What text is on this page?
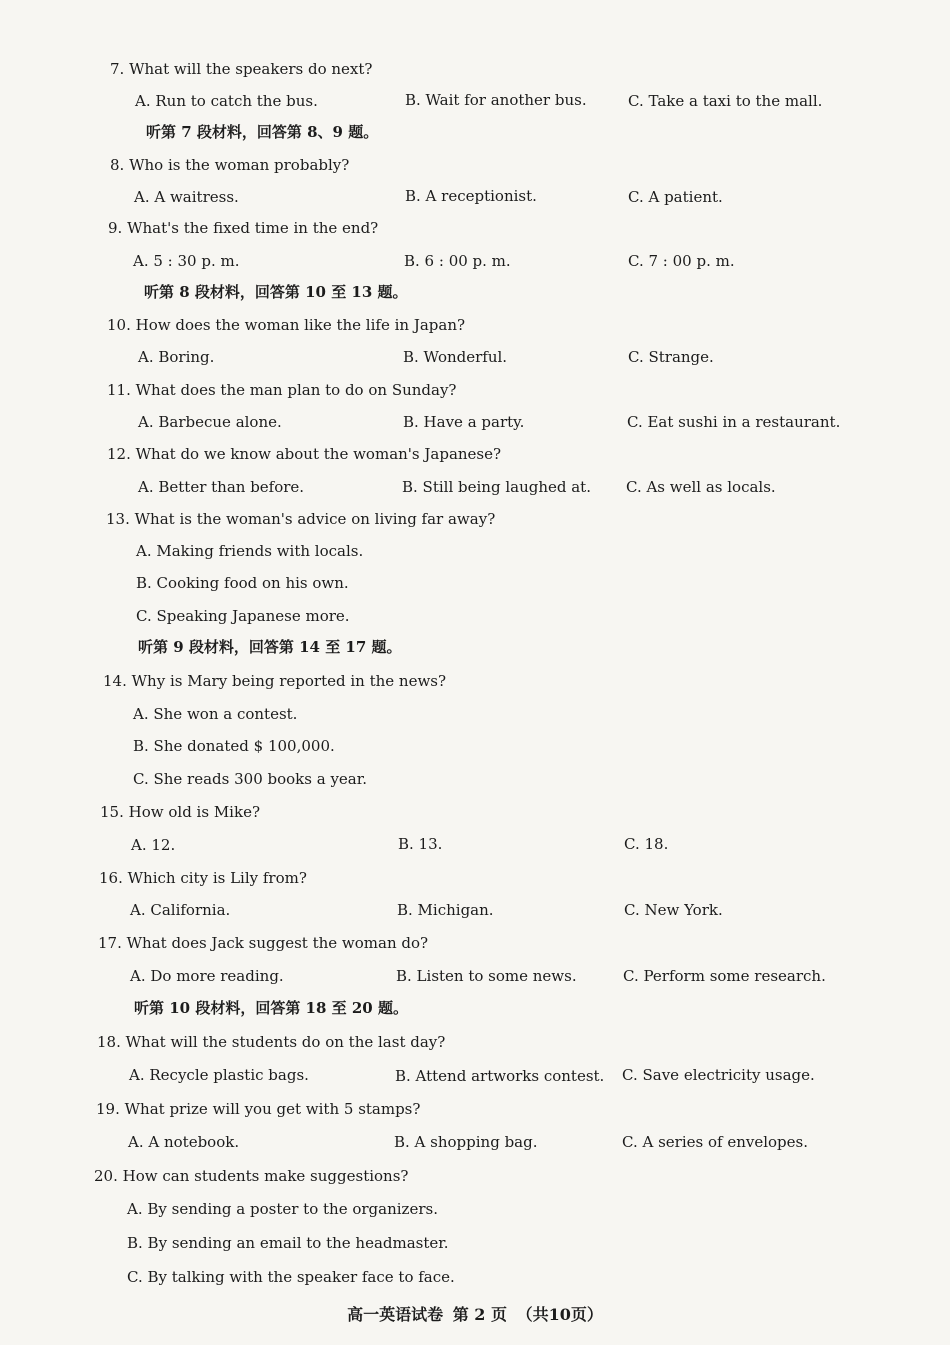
7. What will the speakers do next?
A. Run to catch the bus.	B. Wait for another bus.	C. Take a taxi to the mall.
听第 7 段材料，回答第 8、9 题。
8. Who is the woman probably?
A. A waitress.	B. A receptionist.	C. A patient.
9. What's the fixed time in the end?
A. 5 : 30 p. m.	B. 6 : 00 p. m.	C. 7 : 00 p. m.
听第 8 段材料，回答第 10 至 13 题。
10. How does the woman like the life in Japan?
A. Boring.	B. Wonderful.	C. Strange.
11. What does the man plan to do on Sunday?
A. Barbecue alone.	B. Have a party.	C. Eat sushi in a restaurant.
12. What do we know about the woman's Japanese?
A. Better than before.	B. Still being laughed at. C. As well as locals.
13. What is the woman's advice on living far away?
A. Making friends with locals.
B. Cooking food on his own.
C. Speaking Japanese more.
听第 9 段材料，回答第 14 至 17 题。
14. Why is Mary being reported in the news?
A. She won a contest.
B. She donated $ 100,000.
C. She reads 300 books a year.
15. How old is Mike?
A. 12.	B. 13.	C. 18.
16. Which city is Lily from?
A. California.	B. Michigan.	C. New York.
17. What does Jack suggest the woman do?
A. Do more reading.	B. Listen to some news.	C. Perform some research.
听第 10 段材料，回答第 18 至 20 题。
18. What will the students do on the last day?
A. Recycle plastic bags.	B. Attend artworks contest. C. Save electricity usage.
19. What prize will you get with 5 stamps?
A. A notebook.	B. A shopping bag.	C. A series of envelopes.
20. How can students make suggestions?
A. By sending a poster to the organizers.
B. By sending an email to the headmaster.
C. By talking with the speaker face to face.
高一英语试卷 第 2 页 （共10页）
